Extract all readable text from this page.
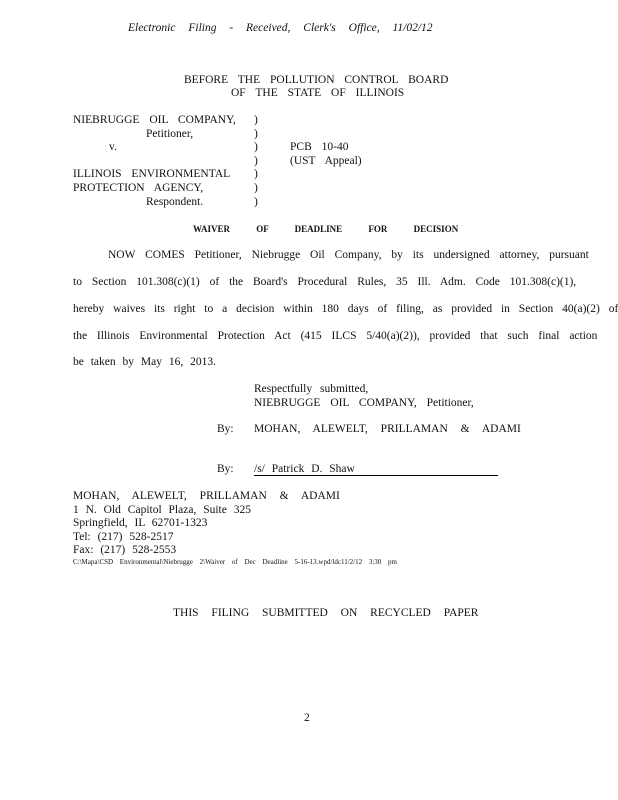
Electronic Filing - Received, Clerk's Office, 11/02/12
BEFORE THE POLLUTION CONTROL BOARD
OF THE STATE OF ILLINOIS
NIEBRUGGE OIL COMPANY,
Petitioner,
v.
ILLINOIS ENVIRONMENTAL
PROTECTION AGENCY,
Respondent.
)
)
)
)
)
)
)
PCB 10-40
(UST Appeal)
WAIVER OF DEADLINE FOR DECISION
NOW COMES Petitioner, Niebrugge Oil Company, by its undersigned attorney, pursuant
to Section 101.308(c)(1) of the Board's Procedural Rules, 35 Ill. Adm. Code 101.308(c)(1),
hereby waives its right to a decision within 180 days of filing, as provided in Section 40(a)(2) of
the Illinois Environmental Protection Act (415 ILCS 5/40(a)(2)), provided that such final action
be taken by May 16, 2013.
Respectfully submitted,
NIEBRUGGE OIL COMPANY, Petitioner,
By: MOHAN, ALEWELT, PRILLAMAN & ADAMI
By: /s/ Patrick D. Shaw
MOHAN, ALEWELT, PRILLAMAN & ADAMI
1 N. Old Capitol Plaza, Suite 325
Springfield, IL 62701-1323
Tel: (217) 528-2517
Fax: (217) 528-2553
C:\Mapa\CSD Environmental\Niebrugge 2\Waiver of Dec Deadline 5-16-13.wpd/ldc11/2/12 3:30 pm
THIS FILING SUBMITTED ON RECYCLED PAPER
2
